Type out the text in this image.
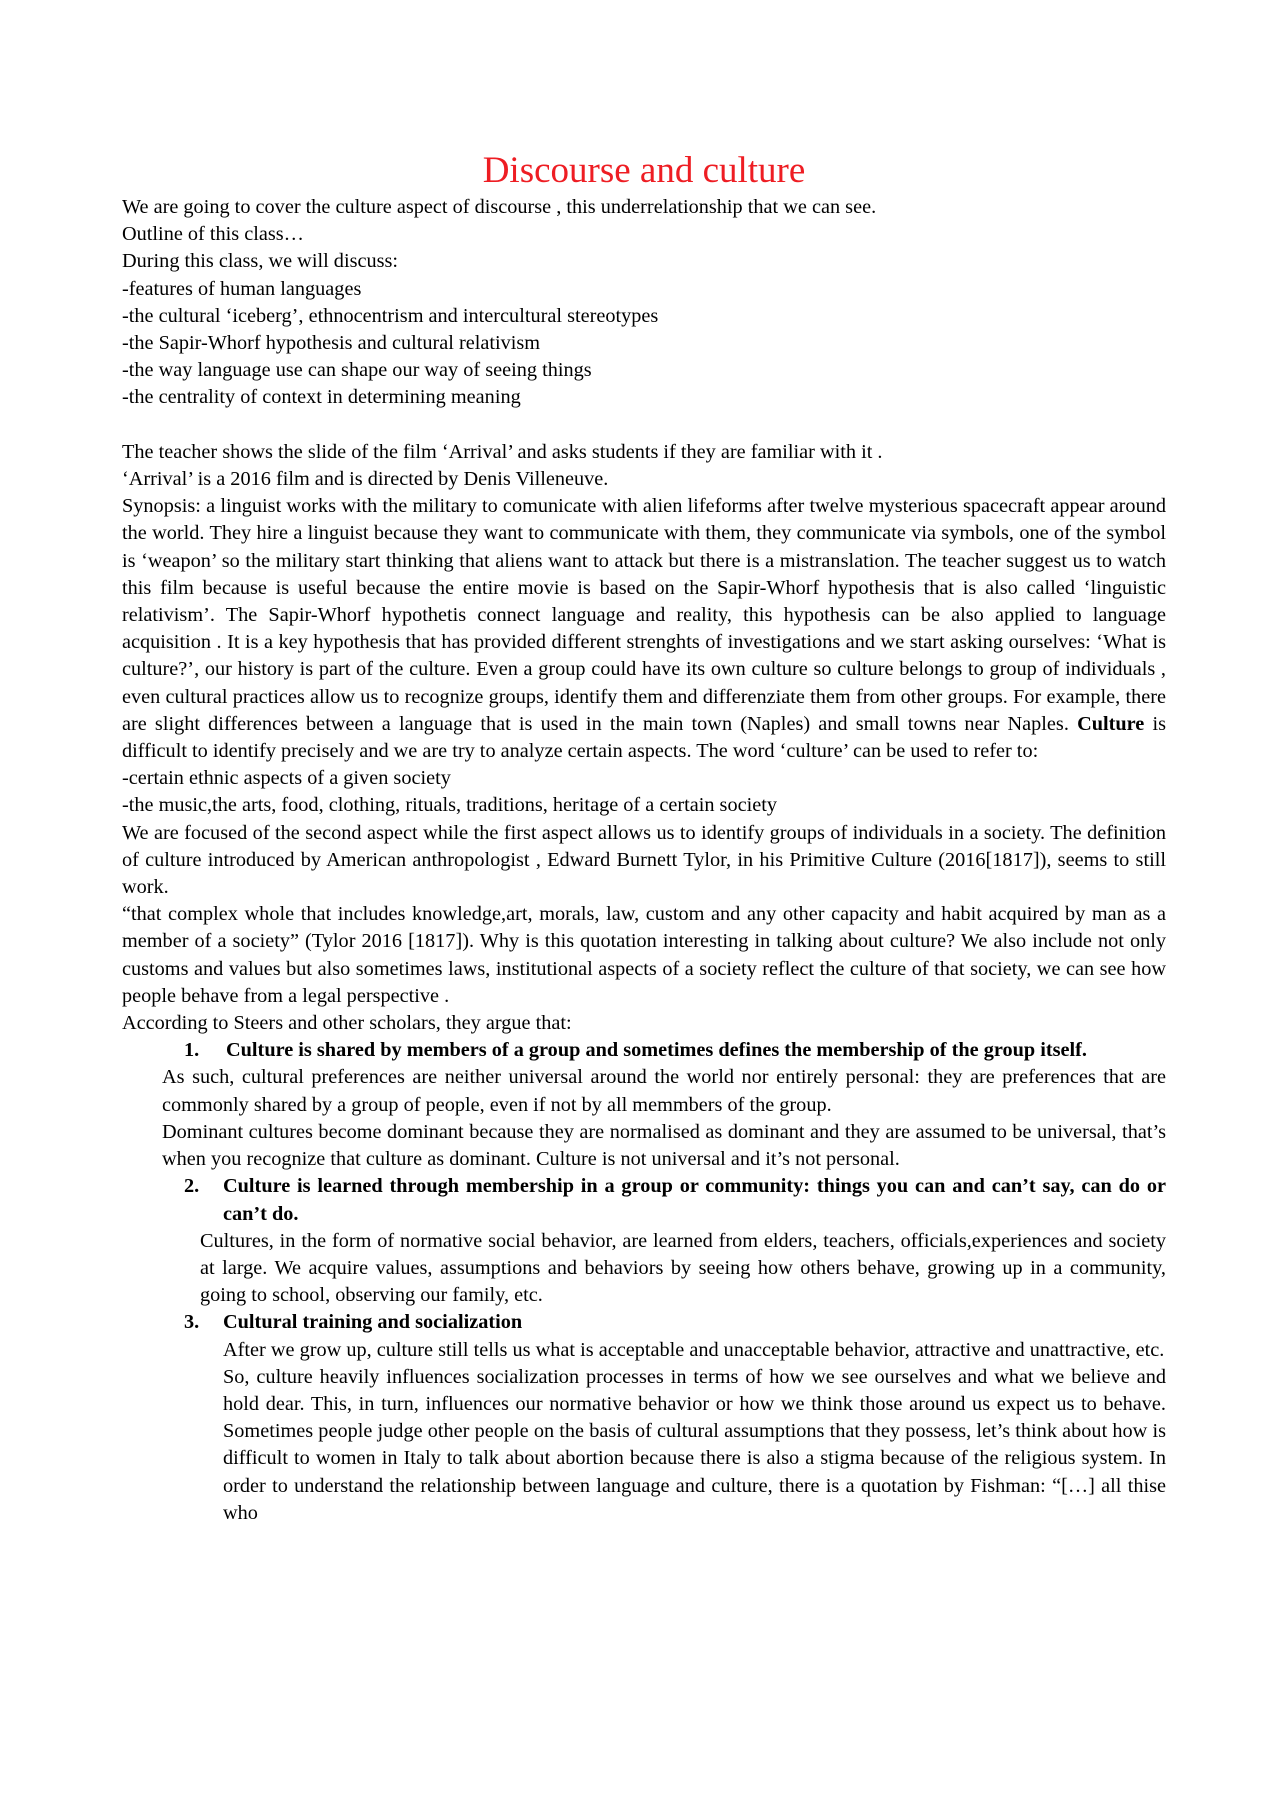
Discourse and culture

We are going to cover the culture aspect of discourse , this underrelationship that we can see.

Outline of this class…

During this class, we will discuss:

-features of human languages

-the cultural ‘iceberg’, ethnocentrism and intercultural stereotypes

-the Sapir-Whorf hypothesis and cultural relativism

-the way language use can shape our way of seeing things

-the centrality of context in determining meaning

The teacher shows the slide of the film ‘Arrival’ and asks students if they are familiar with it .

‘Arrival’ is a 2016 film and is directed by Denis Villeneuve.

Synopsis: a linguist works with the military to comunicate with alien lifeforms after twelve mysterious spacecraft appear around the world. They hire a linguist because they want to communicate with them, they communicate via symbols, one of the symbol is ‘weapon’ so the military start thinking that aliens want to attack but there is a mistranslation. The teacher suggest us to watch this film because is useful because the entire movie is based on the Sapir-Whorf hypothesis that is also called ‘linguistic relativism’. The Sapir-Whorf hypothetis connect language and reality, this hypothesis can be also applied to language acquisition . It is a key hypothesis that has provided different strenghts of investigations and we start asking ourselves: ‘What is culture?’, our history is part of the culture. Even a group could have its own culture so culture belongs to group of individuals , even cultural practices allow us to recognize groups, identify them and differenziate them from other groups. For example, there are slight differences between a language that is used in the main town (Naples) and small towns near Naples. Culture is difficult to identify precisely and we are try to analyze certain aspects. The word ‘culture’ can be used to refer to:

-certain ethnic aspects of a given society

-the music,the arts, food, clothing, rituals, traditions, heritage of a certain society

We are focused of the second aspect while the first aspect allows us to identify groups of individuals in a society. The definition of culture introduced by American anthropologist , Edward Burnett Tylor, in his Primitive Culture (2016[1817]), seems to still work.

“that complex whole that includes knowledge,art, morals, law, custom and any other capacity and habit acquired by man as a member of a society” (Tylor 2016 [1817]). Why is this quotation interesting in talking about culture? We also include not only customs and values but also sometimes laws, institutional aspects of a society reflect the culture of that society, we can see how people behave from a legal perspective .

According to Steers and other scholars, they argue that:

1.	Culture is shared by members of a group and sometimes defines the membership of the group itself.

As such, cultural preferences are neither universal around the world nor entirely personal: they are preferences that are commonly shared by a group of people, even if not by all memmbers of the group.

Dominant cultures become dominant because they are normalised as dominant and they are assumed to be universal, that’s when you recognize that culture as dominant. Culture is not universal and it’s not personal.

2.	Culture is learned through membership in a group or community: things you can and can’t say, can do or can’t do.

Cultures, in the form of normative social behavior, are learned from elders, teachers, officials,experiences and society at large. We acquire values, assumptions and behaviors by seeing how others behave, growing up in a community, going to school, observing our family, etc.

3.	Cultural training and socialization

After we grow up, culture still tells us what is acceptable and unacceptable behavior, attractive and unattractive, etc.

So, culture heavily influences socialization processes in terms of how we see ourselves and what we believe and hold dear. This, in turn, influences our normative behavior or how we think those around us expect us to behave. Sometimes people judge other people on the basis of cultural assumptions that they possess, let’s think about how is difficult to women in Italy to talk about abortion because there is also a stigma because of the religious system. In order to understand the relationship between language and culture, there is a quotation by Fishman: “[…] all thise who
